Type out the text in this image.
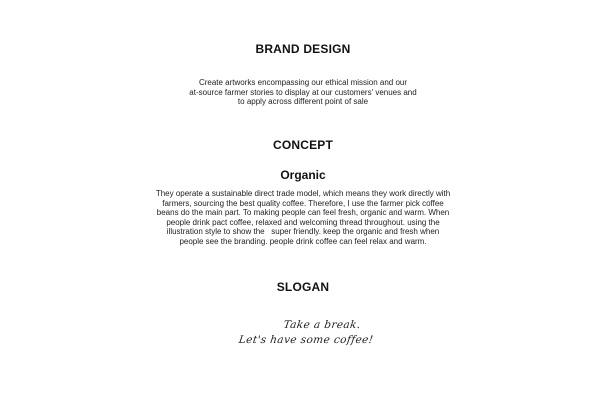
BRAND DESIGN

Create artworks encompassing our ethical mission and our
at-source farmer stories to display at our customers' venues and
to apply across different point of sale

CONCEPT
Organic

They operate a sustainable direct trade model, which means they work directly with
farmers, sourcing the best quality coffee. Therefore, I use the farmer pick coffee
beans do the main part. To making people can feel fresh, organic and warm. When
people drink pact coffee, relaxed and welcoming thread throughout. using the
illustration style to show the   super friendly. keep the organic and fresh when
people see the branding. people drink coffee can feel relax and warm.

SLOGAN
Take a break.
Let's have some coffee!
